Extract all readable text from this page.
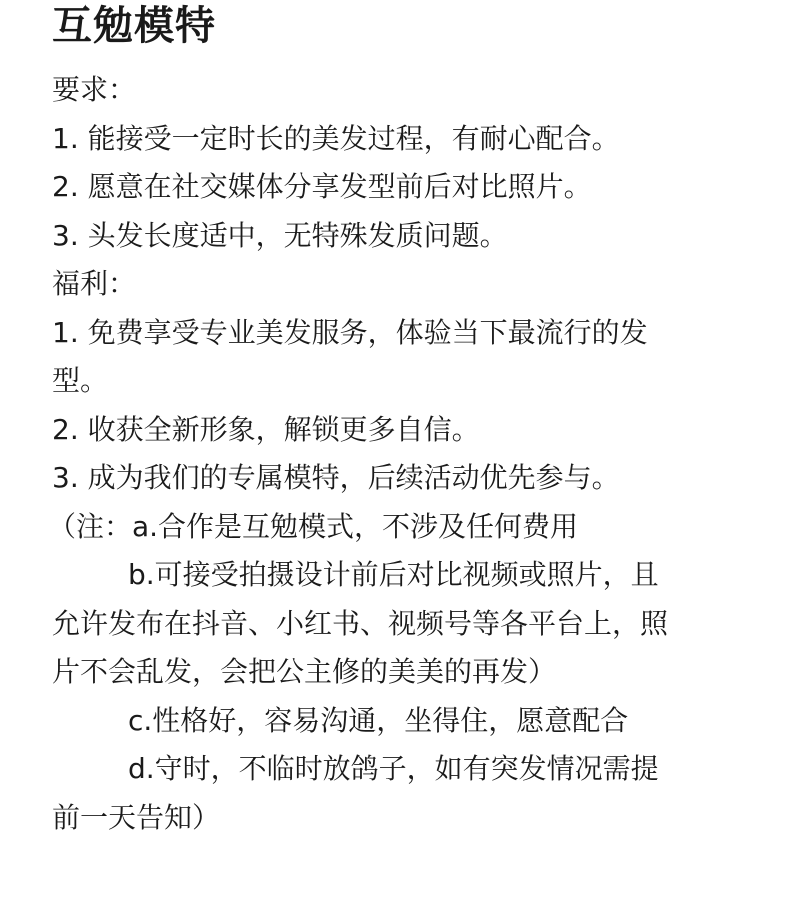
互勉模特

要求：

1. 能接受一定时长的美发过程，有耐心配合。

2. 愿意在社交媒体分享发型前后对比照片。

3. 头发长度适中，无特殊发质问题。

福利：

1. 免费享受专业美发服务，体验当下最流行的发

型。

2. 收获全新形象，解锁更多自信。

3. 成为我们的专属模特，后续活动优先参与。

（注：a.合作是互勉模式，不涉及任何费用

b.可接受拍摄设计前后对比视频或照片，且

允许发布在抖音、小红书、视频号等各平台上，照

片不会乱发，会把公主修的美美的再发）

c.性格好，容易沟通，坐得住，愿意配合

d.守时，不临时放鸽子，如有突发情况需提

前一天告知）
